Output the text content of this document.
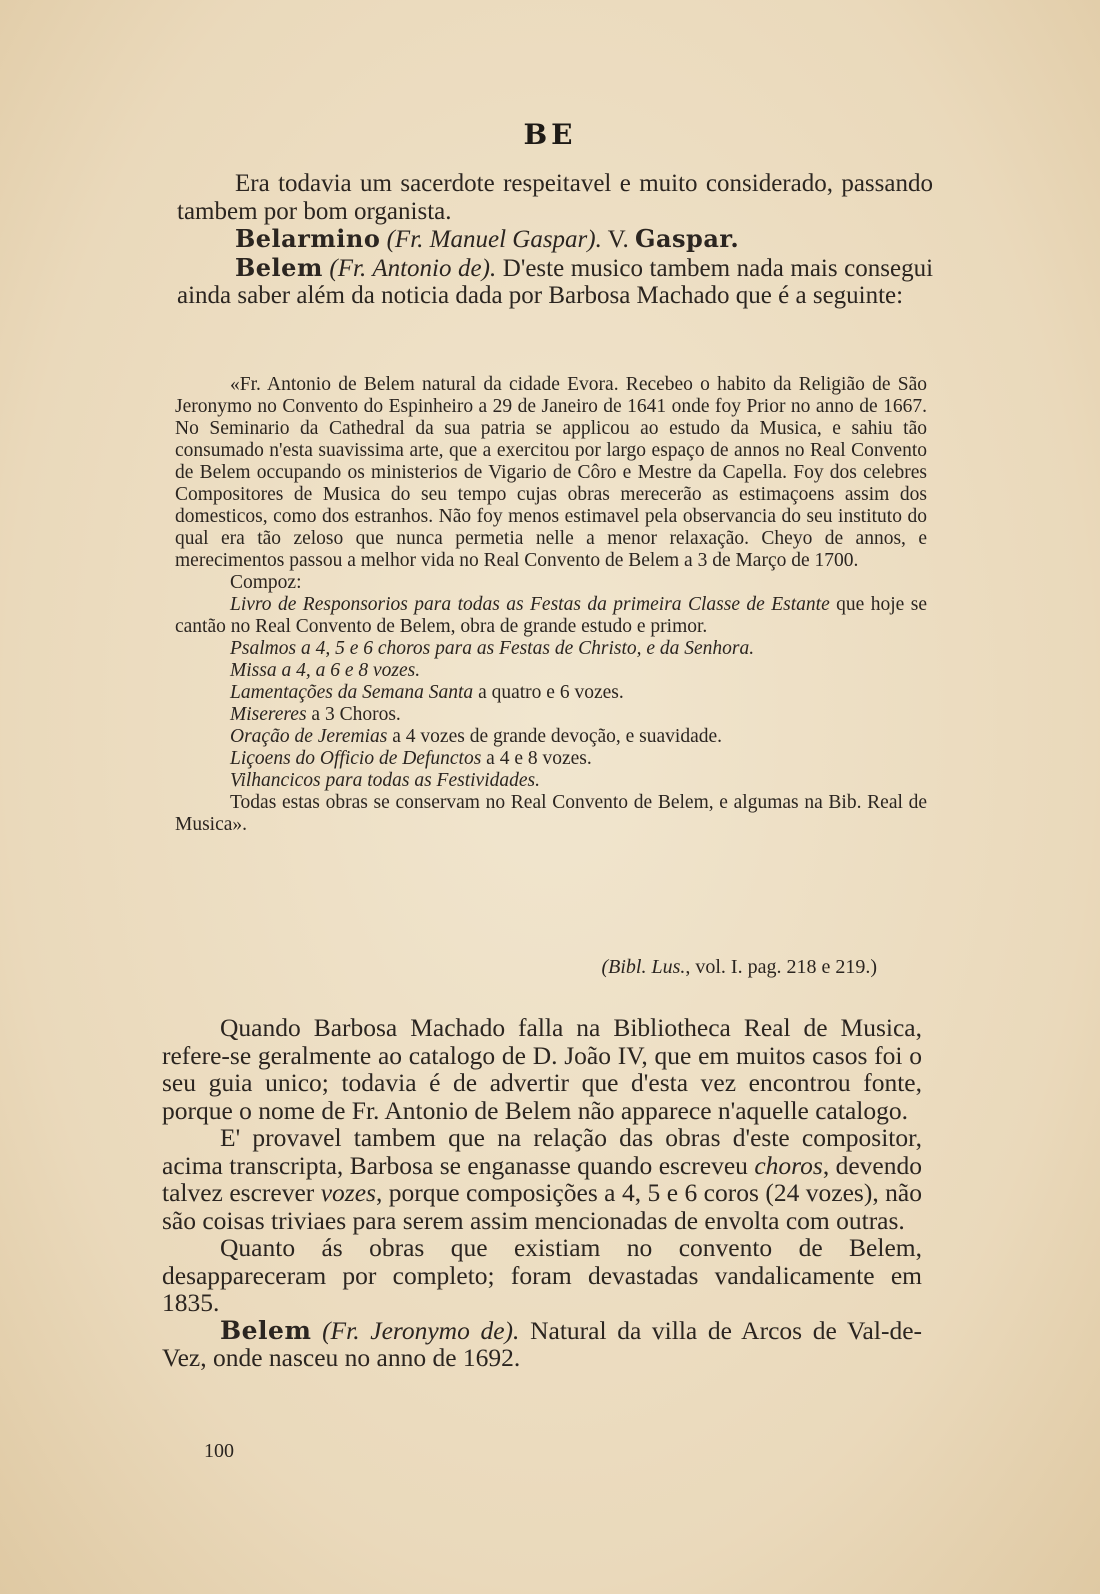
BE

Era todavia um sacerdote respeitavel e muito considerado, passando tambem por bom organista.

Belarmino (Fr. Manuel Gaspar). V. Gaspar.

Belem (Fr. Antonio de). D'este musico tambem nada mais consegui ainda saber além da noticia dada por Barbosa Machado que é a seguinte:

«Fr. Antonio de Belem natural da cidade Evora. Recebeo o habito da Religião de São Jeronymo no Convento do Espinheiro a 29 de Janeiro de 1641 onde foy Prior no anno de 1667. No Seminario da Cathedral da sua patria se applicou ao estudo da Musica, e sahiu tão consumado n'esta suavissima arte, que a exercitou por largo espaço de annos no Real Convento de Belem occupando os ministerios de Vigario de Côro e Mestre da Capella. Foy dos celebres Compositores de Musica do seu tempo cujas obras merecerão as estimaçoens assim dos domesticos, como dos estranhos. Não foy menos estimavel pela observancia do seu instituto do qual era tão zeloso que nunca permetia nelle a menor relaxação. Cheyo de annos, e merecimentos passou a melhor vida no Real Convento de Belem a 3 de Março de 1700.

Compoz:

Livro de Responsorios para todas as Festas da primeira Classe de Estante que hoje se cantão no Real Convento de Belem, obra de grande estudo e primor.

Psalmos a 4, 5 e 6 choros para as Festas de Christo, e da Senhora.

Missa a 4, a 6 e 8 vozes.

Lamentações da Semana Santa a quatro e 6 vozes.

Misereres a 3 Choros.

Oração de Jeremias a 4 vozes de grande devoção, e suavidade.

Liçoens do Officio de Defunctos a 4 e 8 vozes.

Vilhancicos para todas as Festividades.

Todas estas obras se conservam no Real Convento de Belem, e algumas na Bib. Real de Musica».

(Bibl. Lus., vol. I. pag. 218 e 219.)

Quando Barbosa Machado falla na Bibliotheca Real de Musica, refere-se geralmente ao catalogo de D. João IV, que em muitos casos foi o seu guia unico; todavia é de advertir que d'esta vez encontrou fonte, porque o nome de Fr. Antonio de Belem não apparece n'aquelle catalogo.

E' provavel tambem que na relação das obras d'este compositor, acima transcripta, Barbosa se enganasse quando escreveu choros, devendo talvez escrever vozes, porque composições a 4, 5 e 6 coros (24 vozes), não são coisas triviaes para serem assim mencionadas de envolta com outras.

Quanto ás obras que existiam no convento de Belem, desappareceram por completo; foram devastadas vandalicamente em 1835.

Belem (Fr. Jeronymo de). Natural da villa de Arcos de Val-de-Vez, onde nasceu no anno de 1692.

100
